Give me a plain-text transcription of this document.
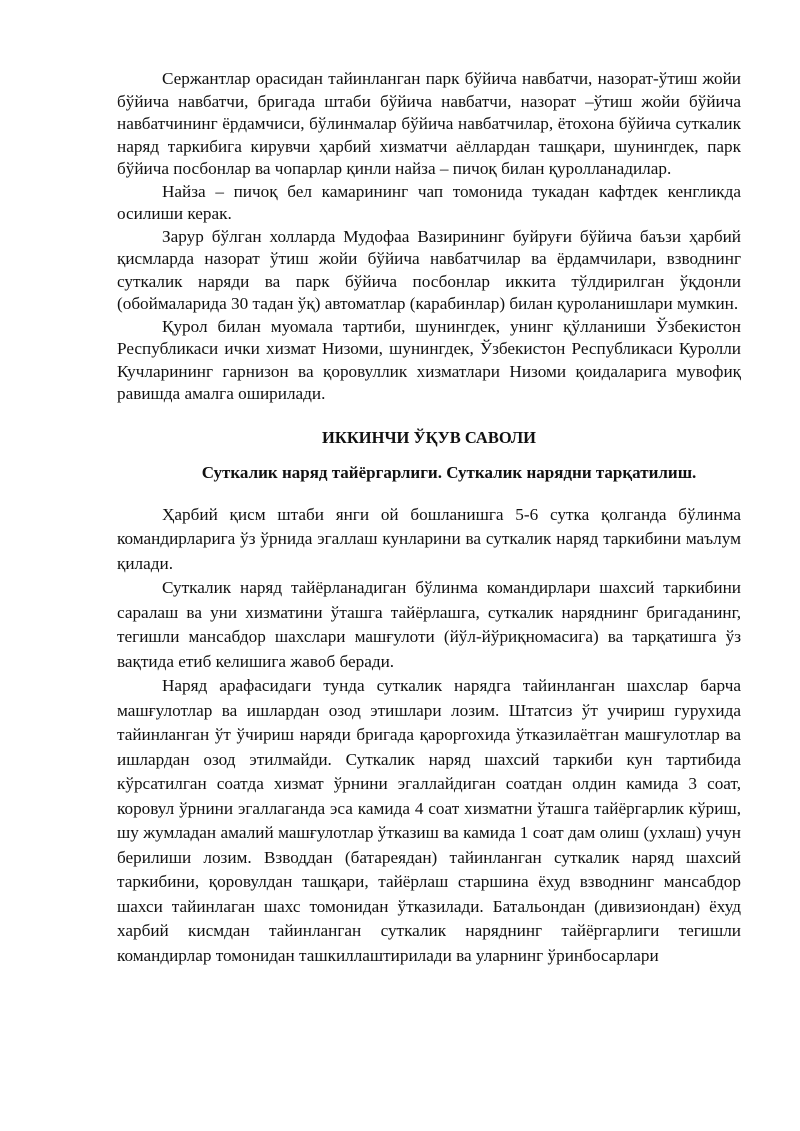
Сержантлар орасидан тайинланган парк бўйича навбатчи, назорат-ўтиш жойи бўйича навбатчи, бригада штаби бўйича навбатчи, назорат –ўтиш жойи бўйича навбатчининг ёрдамчиси, бўлинмалар бўйича навбатчилар, ётохона бўйича суткалик наряд таркибига кирувчи ҳарбий хизматчи аёллардан ташқари, шунингдек, парк бўйича посбонлар ва чопарлар қинли найза – пичоқ билан қуролланадилар.

Найза – пичоқ бел камарининг чап томонида тукадан кафтдек кенгликда осилиши керак.

Зарур бўлган холларда Мудофаа Вазирининг буйруғи бўйича баъзи ҳарбий қисмларда назорат ўтиш жойи бўйича навбатчилар ва ёрдамчилари, взводнинг суткалик наряди ва парк бўйича посбонлар иккита тўлдирилган ўқдонли (обоймаларида 30 тадан ўқ) автоматлар (карабинлар) билан қуроланишлари мумкин.

Қурол билан муомала тартиби, шунингдек, унинг қўлланиши Ўзбекистон Республикаси ички хизмат Низоми, шунингдек, Ўзбекистон Республикаси Куролли Кучларининг гарнизон ва қоровуллик хизматлари Низоми қоидаларига мувофиқ равишда амалга оширилади.

ИККИНЧИ ЎҚУВ САВОЛИ

Суткалик наряд тайёргарлиги. Суткалик нарядни тарқатилиш.

Ҳарбий қисм штаби янги ой бошланишга 5-6 сутка қолганда бўлинма командирларига ўз ўрнида эгаллаш кунларини ва суткалик наряд таркибини маълум қилади.

Суткалик наряд тайёрланадиган бўлинма командирлари шахсий таркибини саралаш ва уни хизматини ўташга тайёрлашга, суткалик наряднинг бригаданинг, тегишли мансабдор шахслари машғулоти (йўл-йўриқномасига) ва тарқатишга ўз вақтида етиб келишига жавоб беради.

Наряд арафасидаги тунда суткалик нарядга тайинланган шахслар барча машғулотлар ва ишлардан озод этишлари лозим. Штатсиз ўт учириш гурухида тайинланган ўт ўчириш наряди бригада қароргохида ўтказилаётган машғулотлар ва ишлардан озод этилмайди. Суткалик наряд шахсий таркиби кун тартибида кўрсатилган соатда хизмат ўрнини эгаллайдиган соатдан олдин камида 3 соат, коровул ўрнини эгаллаганда эса камида 4 соат хизматни ўташга тайёргарлик кўриш, шу жумладан амалий машғулотлар ўтказиш ва камида 1 соат дам олиш (ухлаш) учун берилиши лозим. Взводдан (батареядан) тайинланган суткалик наряд шахсий таркибини, қоровулдан ташқари, тайёрлаш старшина ёхуд взводнинг мансабдор шахси тайинлаган шахс томонидан ўтказилади. Батальондан (дивизиондан) ёхуд харбий кисмдан тайинланган суткалик наряднинг тайёргарлиги тегишли командирлар томонидан ташкиллаштирилади ва уларнинг ўринбосарлари
